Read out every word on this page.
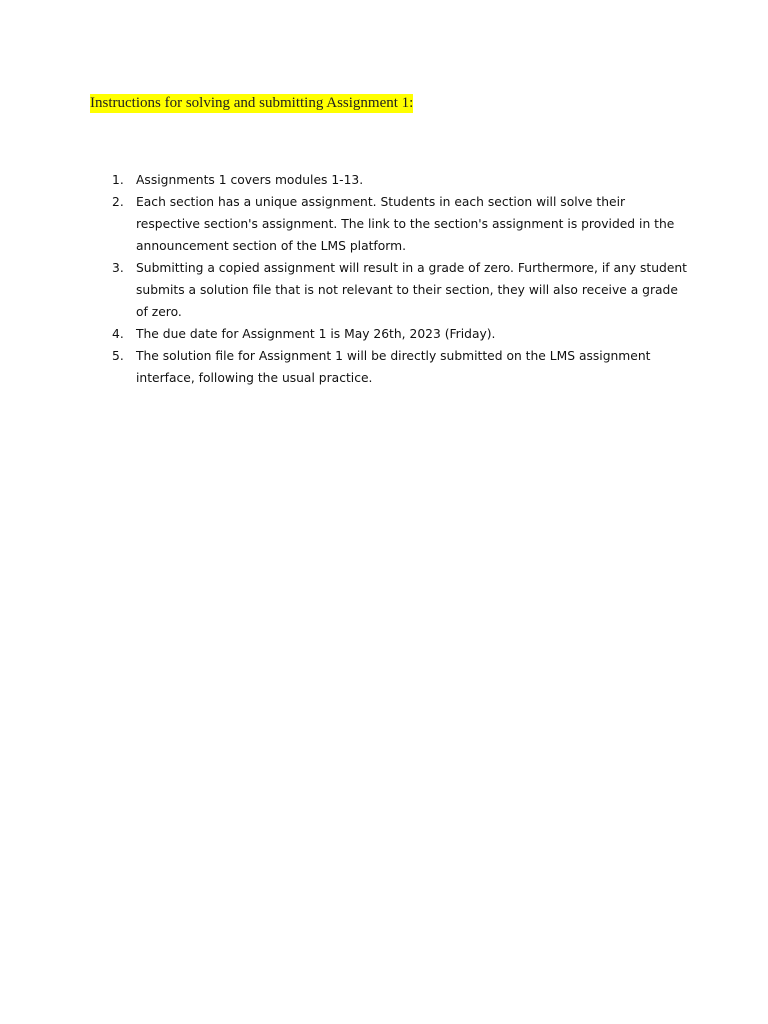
Instructions for solving and submitting Assignment 1:
1. Assignments 1 covers modules 1-13.
2. Each section has a unique assignment. Students in each section will solve their respective section's assignment. The link to the section's assignment is provided in the announcement section of the LMS platform.
3. Submitting a copied assignment will result in a grade of zero. Furthermore, if any student submits a solution file that is not relevant to their section, they will also receive a grade of zero.
4. The due date for Assignment 1 is May 26th, 2023 (Friday).
5. The solution file for Assignment 1 will be directly submitted on the LMS assignment interface, following the usual practice.
